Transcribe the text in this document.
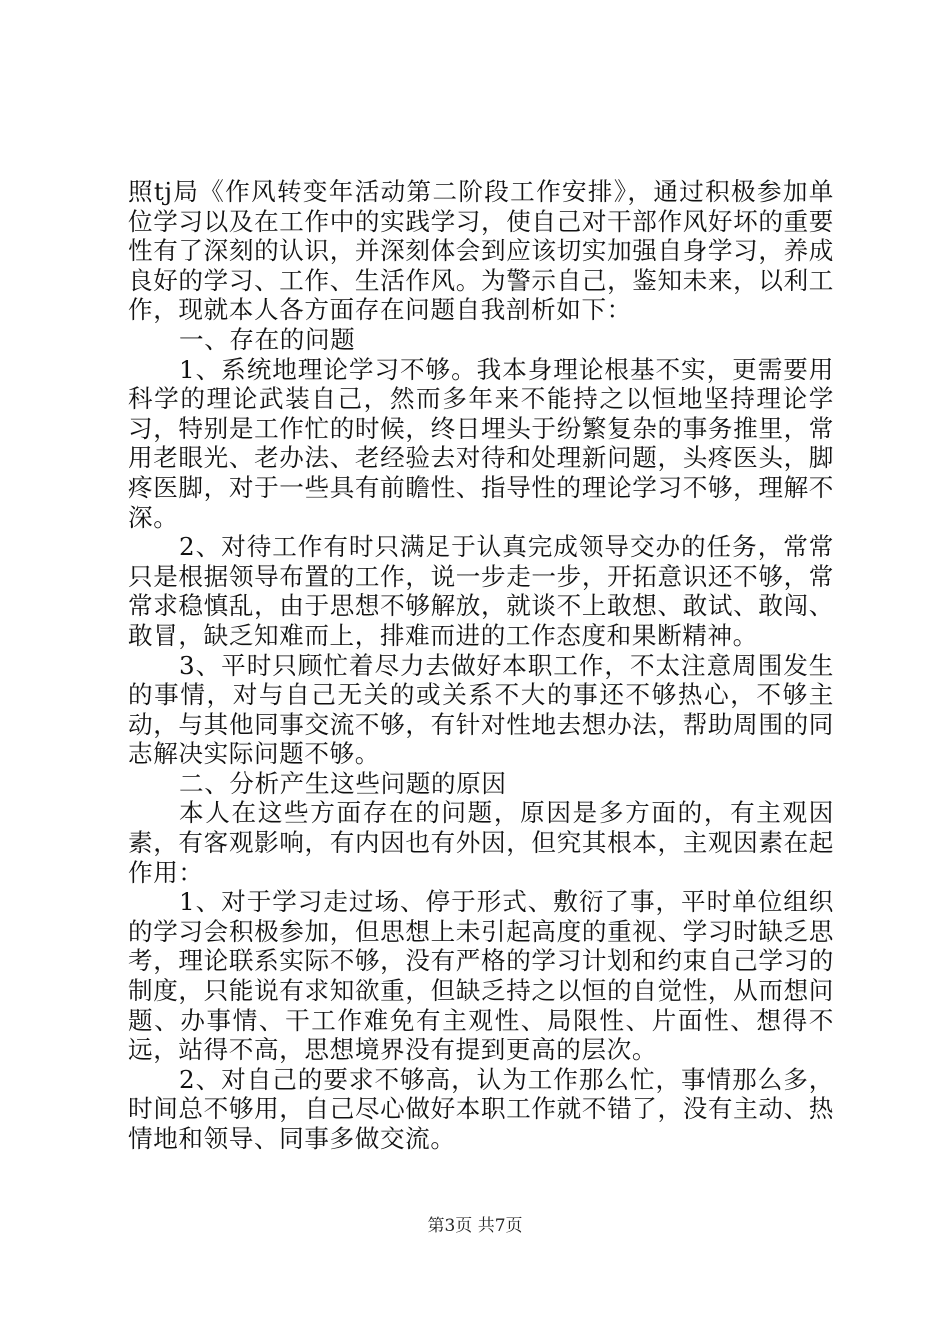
照tj局《作风转变年活动第二阶段工作安排》，通过积极参加单位学习以及在工作中的实践学习，使自己对干部作风好坏的重要性有了深刻的认识，并深刻体会到应该切实加强自身学习，养成良好的学习、工作、生活作风。为警示自己，鉴知未来，以利工作，现就本人各方面存在问题自我剖析如下：

一、存在的问题

1、系统地理论学习不够。我本身理论根基不实，更需要用科学的理论武装自己，然而多年来不能持之以恒地坚持理论学习，特别是工作忙的时候，终日埋头于纷繁复杂的事务推里，常用老眼光、老办法、老经验去对待和处理新问题，头疼医头，脚疼医脚，对于一些具有前瞻性、指导性的理论学习不够，理解不深。

2、对待工作有时只满足于认真完成领导交办的任务，常常只是根据领导布置的工作，说一步走一步，开拓意识还不够，常常求稳慎乱，由于思想不够解放，就谈不上敢想、敢试、敢闯、敢冒，缺乏知难而上，排难而进的工作态度和果断精神。

3、平时只顾忙着尽力去做好本职工作，不太注意周围发生的事情，对与自己无关的或关系不大的事还不够热心，不够主动，与其他同事交流不够，有针对性地去想办法，帮助周围的同志解决实际问题不够。

二、分析产生这些问题的原因

本人在这些方面存在的问题，原因是多方面的，有主观因素，有客观影响，有内因也有外因，但究其根本，主观因素在起作用：

1、对于学习走过场、停于形式、敷衍了事，平时单位组织的学习会积极参加，但思想上未引起高度的重视、学习时缺乏思考，理论联系实际不够，没有严格的学习计划和约束自己学习的制度，只能说有求知欲重，但缺乏持之以恒的自觉性，从而想问题、办事情、干工作难免有主观性、局限性、片面性、想得不远，站得不高，思想境界没有提到更高的层次。

2、对自己的要求不够高，认为工作那么忙，事情那么多，时间总不够用，自己尽心做好本职工作就不错了，没有主动、热情地和领导、同事多做交流。

第3页 共7页
